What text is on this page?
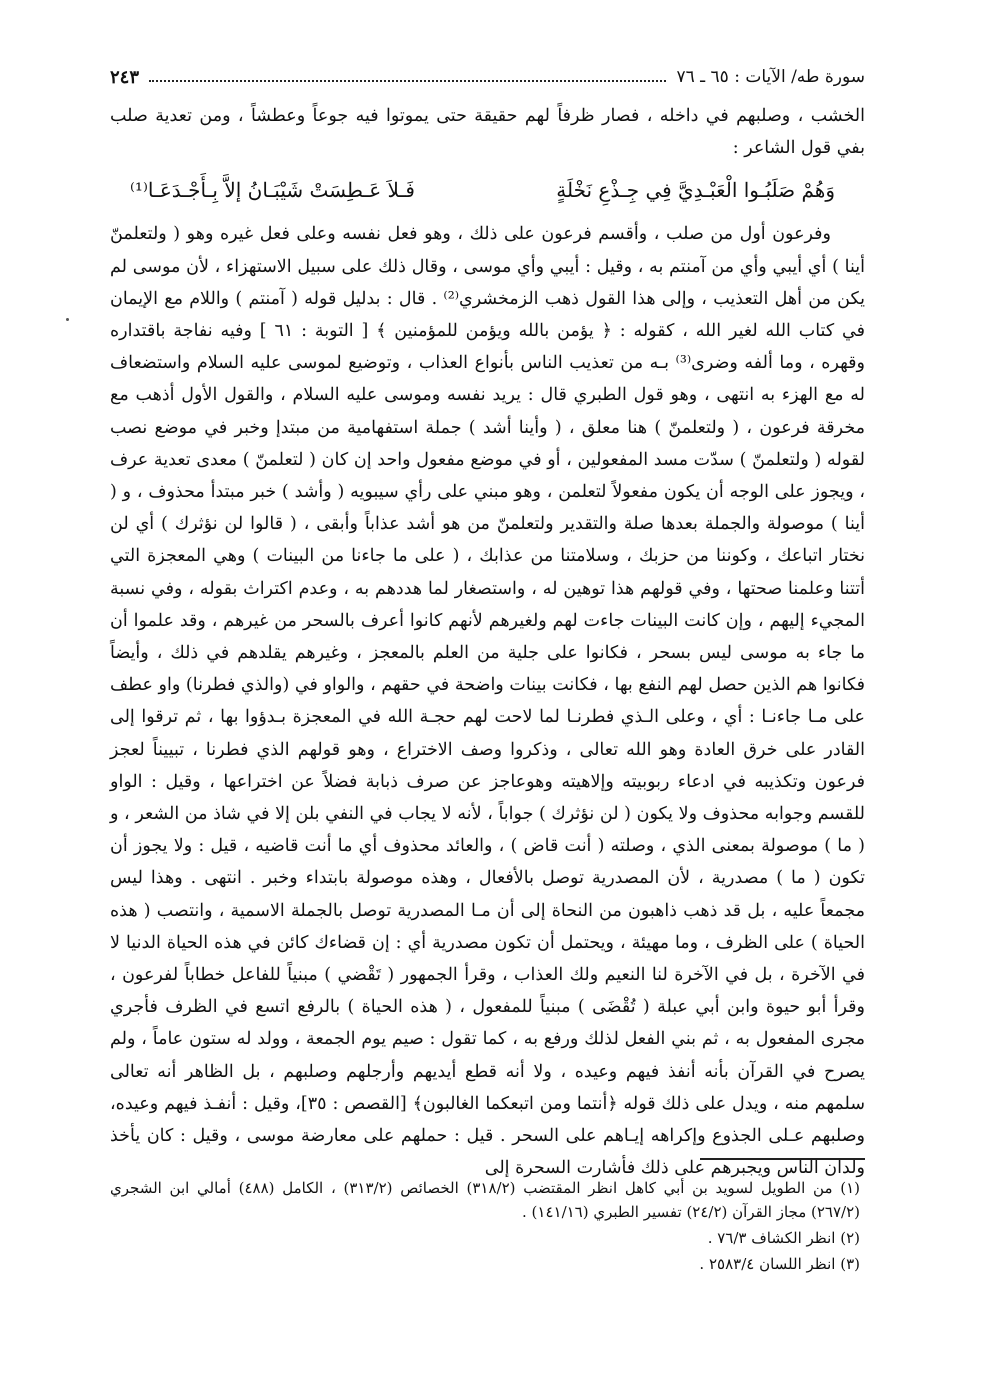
سورة طه/ الآيات : ٦٥ ـ ٧٦
٢٤٣

الخشب ، وصلبهم في داخله ، فصار ظرفاً لهم حقيقة حتى يموتوا فيه جوعاً وعطشاً ، ومن تعدية صلب بفي قول الشاعر :

وَهُمْ صَلَبُـوا الْعَبْـدِيَّ فِي جِـذْعِ نَخْلَةٍ
فَـلاَ عَـطِسَتْ شَيْبَـانُ إلاَّ بِـأَجْـدَعَـا⁽¹⁾

وفرعون أول من صلب ، وأقسم فرعون على ذلك ، وهو فعل نفسه وعلى فعل غيره وهو ( ولتعلمنّ أينا ) أي أيبي وأي من آمنتم به ، وقيل : أيبي وأي موسى ، وقال ذلك على سبيل الاستهزاء ، لأن موسى لم يكن من أهل التعذيب ، وإلى هذا القول ذهب الزمخشري⁽²⁾ . قال : بدليل قوله ( آمنتم ) واللام مع الإيمان في كتاب الله لغير الله ، كقوله : ﴿ يؤمن بالله ويؤمن للمؤمنين ﴾ [ التوبة : ٦١ ] وفيه نفاجة باقتداره وقهره ، وما ألفه وضرى⁽³⁾ بـه من تعذيب الناس بأنواع العذاب ، وتوضيع لموسى عليه السلام واستضعاف له مع الهزء به انتهى ، وهو قول الطبري قال : يريد نفسه وموسى عليه السلام ، والقول الأول أذهب مع مخرقة فرعون ، ( ولتعلمنّ ) هنا معلق ، ( وأينا أشد ) جملة استفهامية من مبتدإ وخبر في موضع نصب لقوله ( ولتعلمنّ ) سدّت مسد المفعولين ، أو في موضع مفعول واحد إن كان ( لتعلمنّ ) معدى تعدية عرف ، ويجوز على الوجه أن يكون مفعولاً لتعلمن ، وهو مبني على رأي سيبويه ( وأشد ) خبر مبتدأ محذوف ، و ( أينا ) موصولة والجملة بعدها صلة والتقدير ولتعلمنّ من هو أشد عذاباً وأبقى ، ( قالوا لن نؤثرك ) أي لن نختار اتباعك ، وكوننا من حزبك ، وسلامتنا من عذابك ، ( على ما جاءنا من البينات ) وهي المعجزة التي أتتنا وعلمنا صحتها ، وفي قولهم هذا توهين له ، واستصغار لما هددهم به ، وعدم اكتراث بقوله ، وفي نسبة المجيء إليهم ، وإن كانت البينات جاءت لهم ولغيرهم لأنهم كانوا أعرف بالسحر من غيرهم ، وقد علموا أن ما جاء به موسى ليس بسحر ، فكانوا على جلية من العلم بالمعجز ، وغيرهم يقلدهم في ذلك ، وأيضاً فكانوا هم الذين حصل لهم النفع بها ، فكانت بينات واضحة في حقهم ، والواو في (والذي فطرنا) واو عطف على مـا جاءنـا : أي ، وعلى الـذي فطرنـا لما لاحت لهم حجـة الله في المعجزة بـدؤوا بها ، ثم ترقوا إلى القادر على خرق العادة وهو الله تعالى ، وذكروا وصف الاختراع ، وهو قولهم الذي فطرنا ، تبييناً لعجز فرعون وتكذيبه في ادعاء ربوبيته وإلاهيته وهوعاجز عن صرف ذبابة فضلاً عن اختراعها ، وقيل : الواو للقسم وجوابه محذوف ولا يكون ( لن نؤثرك ) جواباً ، لأنه لا يجاب في النفي بلن إلا في شاذ من الشعر ، و ( ما ) موصولة بمعنى الذي ، وصلته ( أنت قاض ) ، والعائد محذوف أي ما أنت قاضيه ، قيل : ولا يجوز أن تكون ( ما ) مصدرية ، لأن المصدرية توصل بالأفعال ، وهذه موصولة بابتداء وخبر . انتهى . وهذا ليس مجمعاً عليه ، بل قد ذهب ذاهبون من النحاة إلى أن مـا المصدرية توصل بالجملة الاسمية ، وانتصب ( هذه الحياة ) على الظرف ، وما مهيئة ، ويحتمل أن تكون مصدرية أي : إن قضاءك كائن في هذه الحياة الدنيا لا في الآخرة ، بل في الآخرة لنا النعيم ولك العذاب ، وقرأ الجمهور ( تَقْضي ) مبنياً للفاعل خطاباً لفرعون ، وقرأ أبو حيوة وابن أبي عبلة ( تُقْضَى ) مبنياً للمفعول ، ( هذه الحياة ) بالرفع اتسع في الظرف فأجري مجرى المفعول به ، ثم بني الفعل لذلك ورفع به ، كما تقول : صيم يوم الجمعة ، وولد له ستون عاماً ، ولم يصرح في القرآن بأنه أنفذ فيهم وعيده ، ولا أنه قطع أيديهم وأرجلهم وصلبهم ، بل الظاهر أنه تعالى سلمهم منه ، ويدل على ذلك قوله ﴿أنتما ومن اتبعكما الغالبون﴾ [القصص : ٣٥]، وقيل : أنفـذ فيهم وعيده، وصلبهم عـلى الجذوع وإكراهه إيـاهم على السحر . قيل : حملهم على معارضة موسى ، وقيل : كان يأخذ ولدان الناس ويجبرهم على ذلك فأشارت السحرة إلى

(١) من الطويل لسويد بن أبي كاهل انظر المقتضب (٣١٨/٢) الخصائص (٣١٣/٢) ، الكامل (٤٨٨) أمالي ابن الشجري (٢٦٧/٢) مجاز القرآن (٢٤/٢) تفسير الطبري (١٤١/١٦) .

(٢) انظر الكشاف ٧٦/٣ .

(٣) انظر اللسان ٢٥٨٣/٤ .
